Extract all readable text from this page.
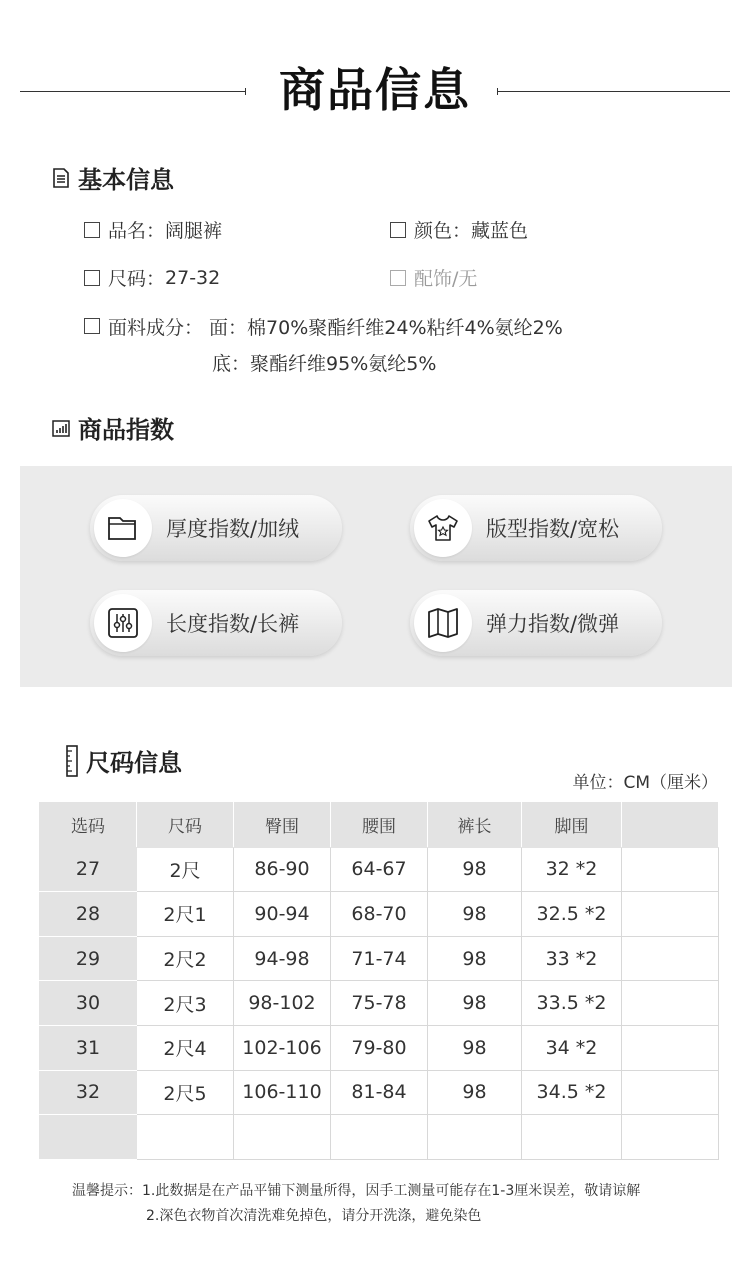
商品信息
基本信息
品名： 阔腿裤	颜色： 藏蓝色
尺码： 27-32	配饰/无
面料成分： 面： 棉70%聚酯纤维24%粘纤4%氨纶2%
底： 聚酯纤维95%氨纶5%
商品指数
厚度指数/加绒	版型指数/宽松
长度指数/长裤	弹力指数/微弹
尺码信息
单位：CM（厘米）
选码	尺码	臀围	腰围	裤长	脚围	
27	2尺	86-90	64-67	98	32 *2	
28	2尺1	90-94	68-70	98	32.5 *2	
29	2尺2	94-98	71-74	98	33 *2	
30	2尺3	98-102	75-78	98	33.5 *2	
31	2尺4	102-106	79-80	98	34 *2	
32	2尺5	106-110	81-84	98	34.5 *2	

温馨提示：1.此数据是在产品平铺下测量所得，因手工测量可能存在1-3厘米误差，敬请谅解
2.深色衣物首次清洗难免掉色，请分开洗涤，避免染色
